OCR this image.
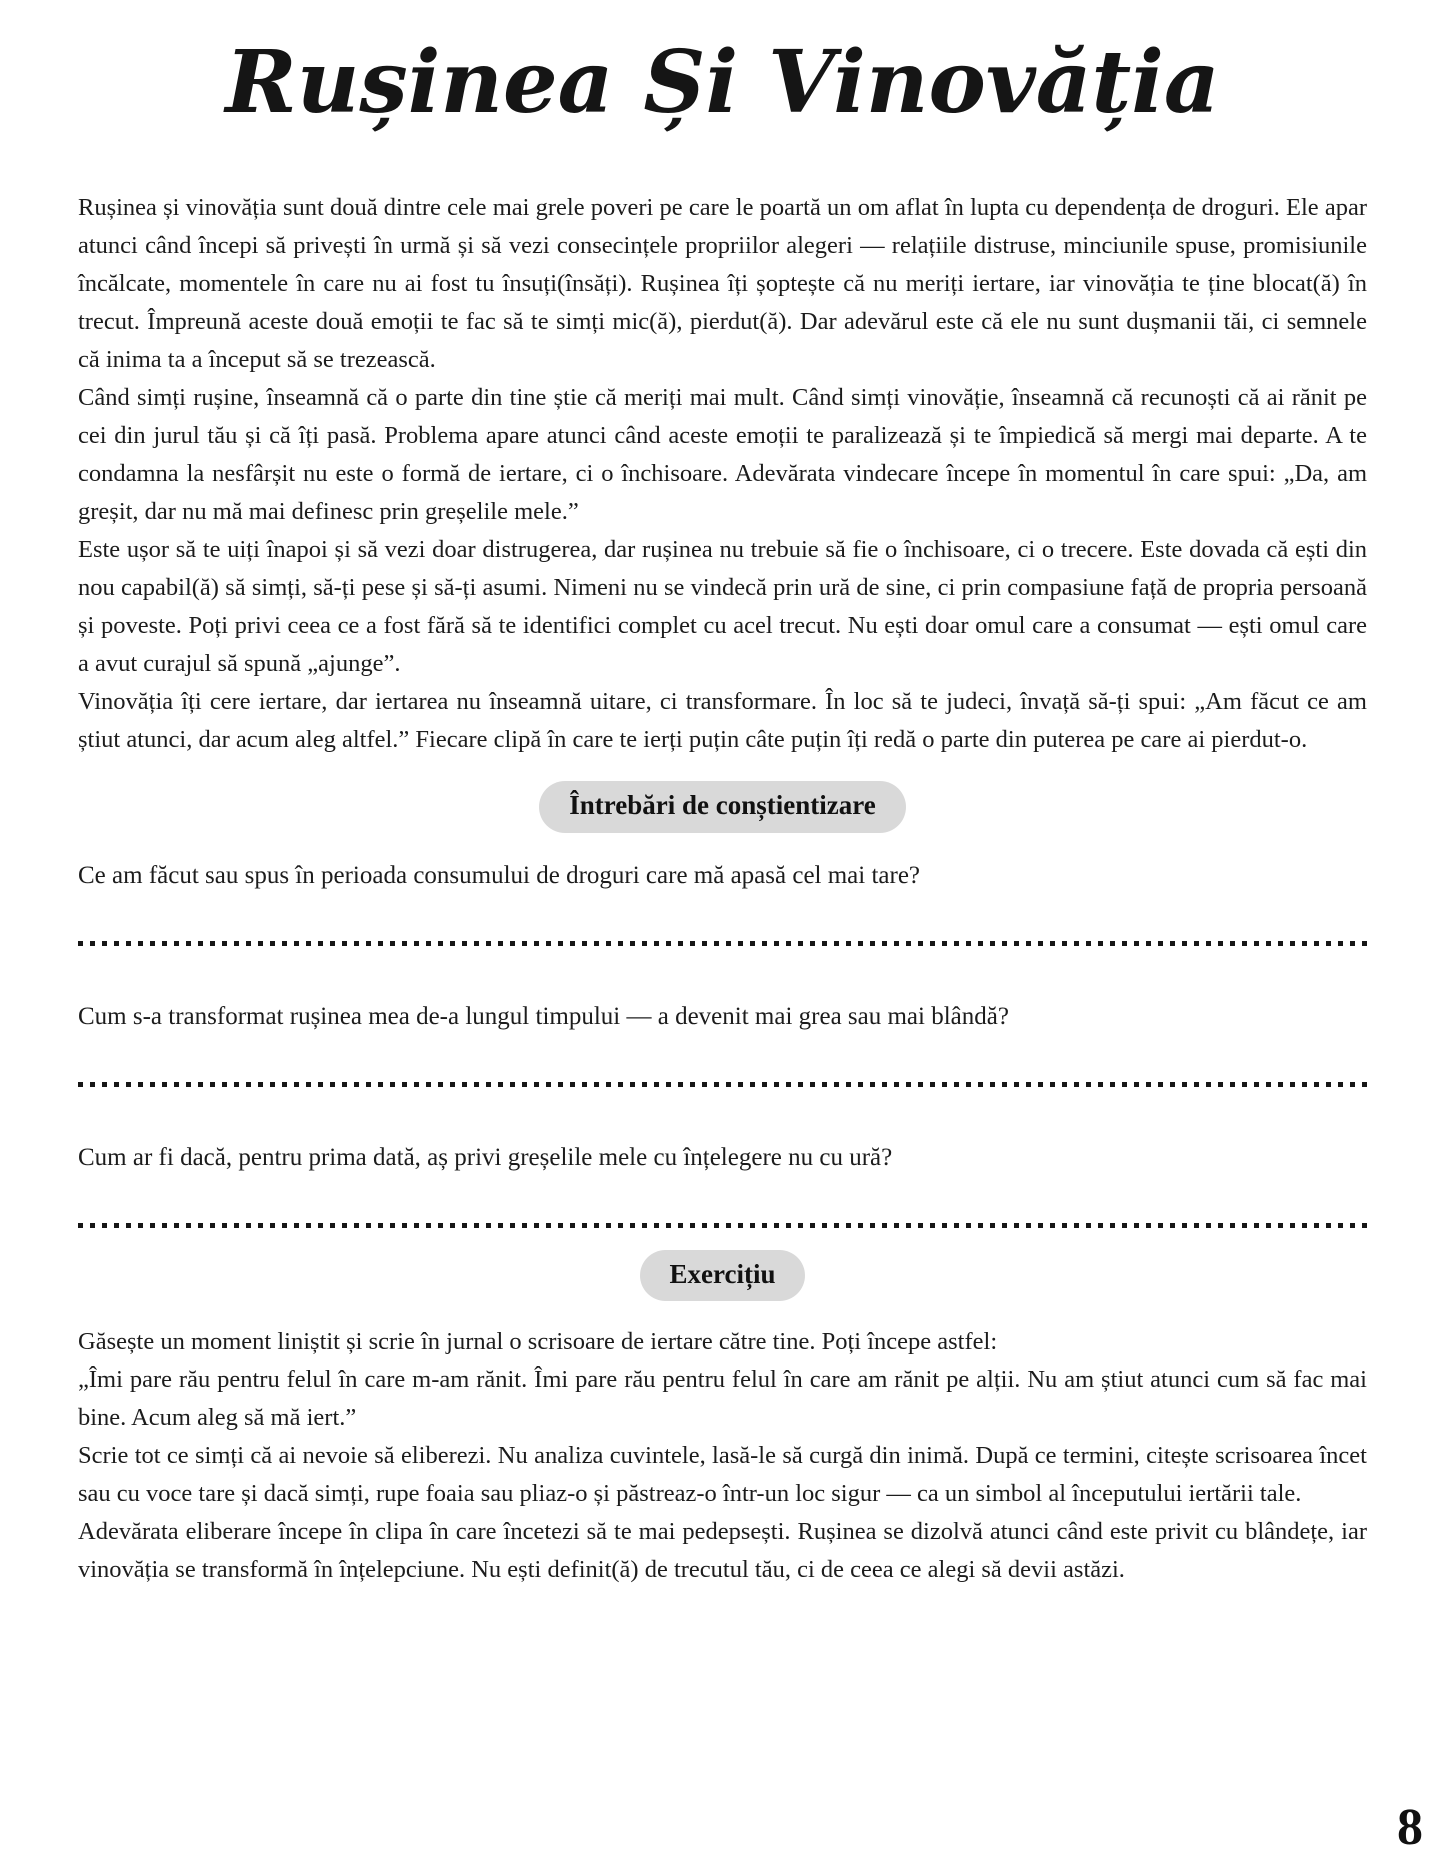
Rușinea Și Vinovăția

Rușinea și vinovăția sunt două dintre cele mai grele poveri pe care le poartă un om aflat în lupta cu dependența de droguri. Ele apar atunci când începi să privești în urmă și să vezi consecințele propriilor alegeri — relațiile distruse, minciunile spuse, promisiunile încălcate, momentele în care nu ai fost tu însuți(însăți). Rușinea îți șoptește că nu meriți iertare, iar vinovăția te ține blocat(ă) în trecut. Împreună aceste două emoții te fac să te simți mic(ă), pierdut(ă). Dar adevărul este că ele nu sunt dușmanii tăi, ci semnele că inima ta a început să se trezească.

Când simți rușine, înseamnă că o parte din tine știe că meriți mai mult. Când simți vinovăție, înseamnă că recunoști că ai rănit pe cei din jurul tău și că îți pasă. Problema apare atunci când aceste emoții te paralizează și te împiedică să mergi mai departe. A te condamna la nesfârșit nu este o formă de iertare, ci o închisoare. Adevărata vindecare începe în momentul în care spui: „Da, am greșit, dar nu mă mai definesc prin greșelile mele.”

Este ușor să te uiți înapoi și să vezi doar distrugerea, dar rușinea nu trebuie să fie o închisoare, ci o trecere. Este dovada că ești din nou capabil(ă) să simți, să-ți pese și să-ți asumi. Nimeni nu se vindecă prin ură de sine, ci prin compasiune față de propria persoană și poveste. Poți privi ceea ce a fost fără să te identifici complet cu acel trecut. Nu ești doar omul care a consumat — ești omul care a avut curajul să spună „ajunge”.

Vinovăția îți cere iertare, dar iertarea nu înseamnă uitare, ci transformare. În loc să te judeci, învață să-ți spui: „Am făcut ce am știut atunci, dar acum aleg altfel.” Fiecare clipă în care te ierți puțin câte puțin îți redă o parte din puterea pe care ai pierdut-o.

Întrebări de conștientizare

Ce am făcut sau spus în perioada consumului de droguri care mă apasă cel mai tare?

Cum s-a transformat rușinea mea de-a lungul timpului — a devenit mai grea sau mai blândă?

Cum ar fi dacă, pentru prima dată, aș privi greșelile mele cu înțelegere nu cu ură?

Exercițiu

Găsește un moment liniștit și scrie în jurnal o scrisoare de iertare către tine. Poți începe astfel:

„Îmi pare rău pentru felul în care m-am rănit. Îmi pare rău pentru felul în care am rănit pe alții. Nu am știut atunci cum să fac mai bine. Acum aleg să mă iert.”

Scrie tot ce simți că ai nevoie să eliberezi. Nu analiza cuvintele, lasă-le să curgă din inimă. După ce termini, citește scrisoarea încet sau cu voce tare și dacă simți, rupe foaia sau pliaz-o și păstreaz-o într-un loc sigur — ca un simbol al începutului iertării tale.

Adevărata eliberare începe în clipa în care încetezi să te mai pedepsești. Rușinea se dizolvă atunci când este privit cu blândețe, iar vinovăția se transformă în înțelepciune. Nu ești definit(ă) de trecutul tău, ci de ceea ce alegi să devii astăzi.

8
